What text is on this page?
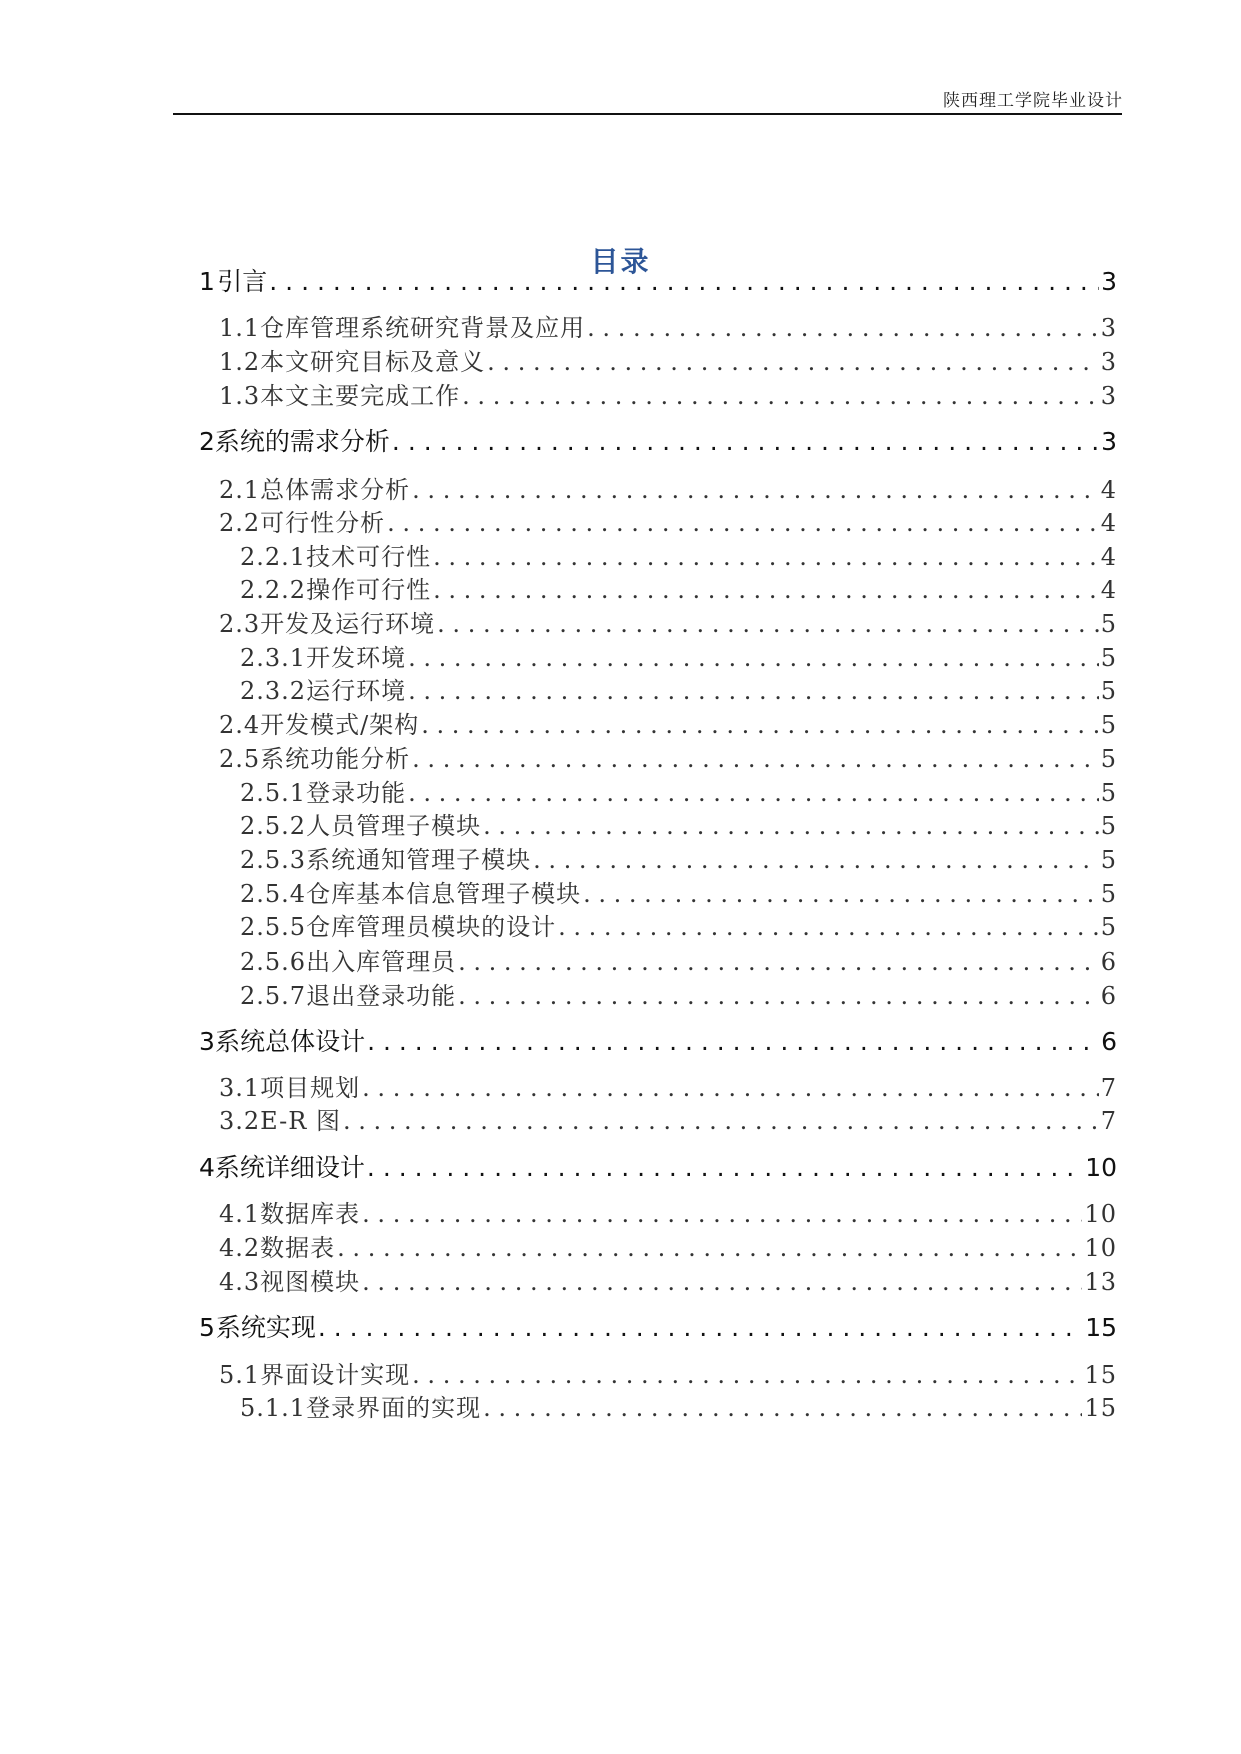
陕西理工学院毕业设计
目录
1 引言 . . .	3
1.1 仓库管理系统研究背景及应用 . . .	3
1.2 本文研究目标及意义 . . .	3
1.3 本文主要完成工作 . . .	3
2 系统的需求分析 . . .	3
2.1 总体需求分析 . . .	4
2.2 可行性分析 . . .	4
2.2.1 技术可行性 . . .	4
2.2.2 操作可行性 . . .	4
2.3 开发及运行环境 . . .	5
2.3.1 开发环境 . . .	5
2.3.2 运行环境 . . .	5
2.4 开发模式/架构 . . .	5
2.5 系统功能分析 . . .	5
2.5.1 登录功能 . . .	5
2.5.2 人员管理子模块 . . .	5
2.5.3 系统通知管理子模块 . . .	5
2.5.4 仓库基本信息管理子模块 . . .	5
2.5.5 仓库管理员模块的设计 . . .	5
2.5.6 出入库管理员 . . .	6
2.5.7 退出登录功能 . . .	6
3 系统总体设计 . . .	6
3.1 项目规划 . . .	7
3.2 E-R 图 . . .	7
4 系统详细设计 . . .	10
4.1 数据库表 . . .	10
4.2 数据表 . . .	10
4.3 视图模块 . . .	13
5 系统实现 . . .	15
5.1 界面设计实现 . . .	15
5.1.1 登录界面的实现 . . .	15
